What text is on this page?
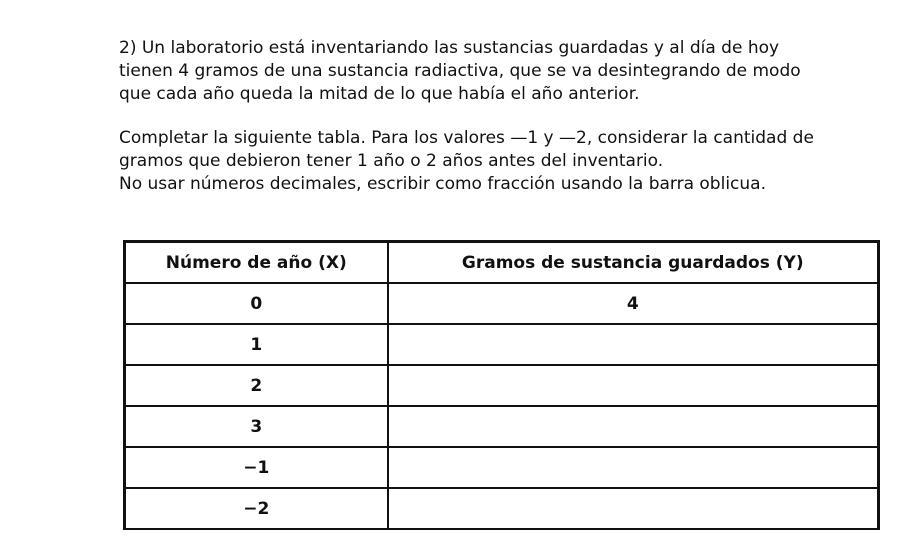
2) Un laboratorio está inventariando las sustancias guardadas y al día de hoy
tienen 4 gramos de una sustancia radiactiva, que se va desintegrando de modo
que cada año queda la mitad de lo que había el año anterior.

Completar la siguiente tabla. Para los valores —1 y —2, considerar la cantidad de
gramos que debieron tener 1 año o 2 años antes del inventario.
No usar números decimales, escribir como fracción usando la barra oblicua.

Número de año (X)	Gramos de sustancia guardados (Y)
0	4
1	
2	
3	
−1	
−2	
